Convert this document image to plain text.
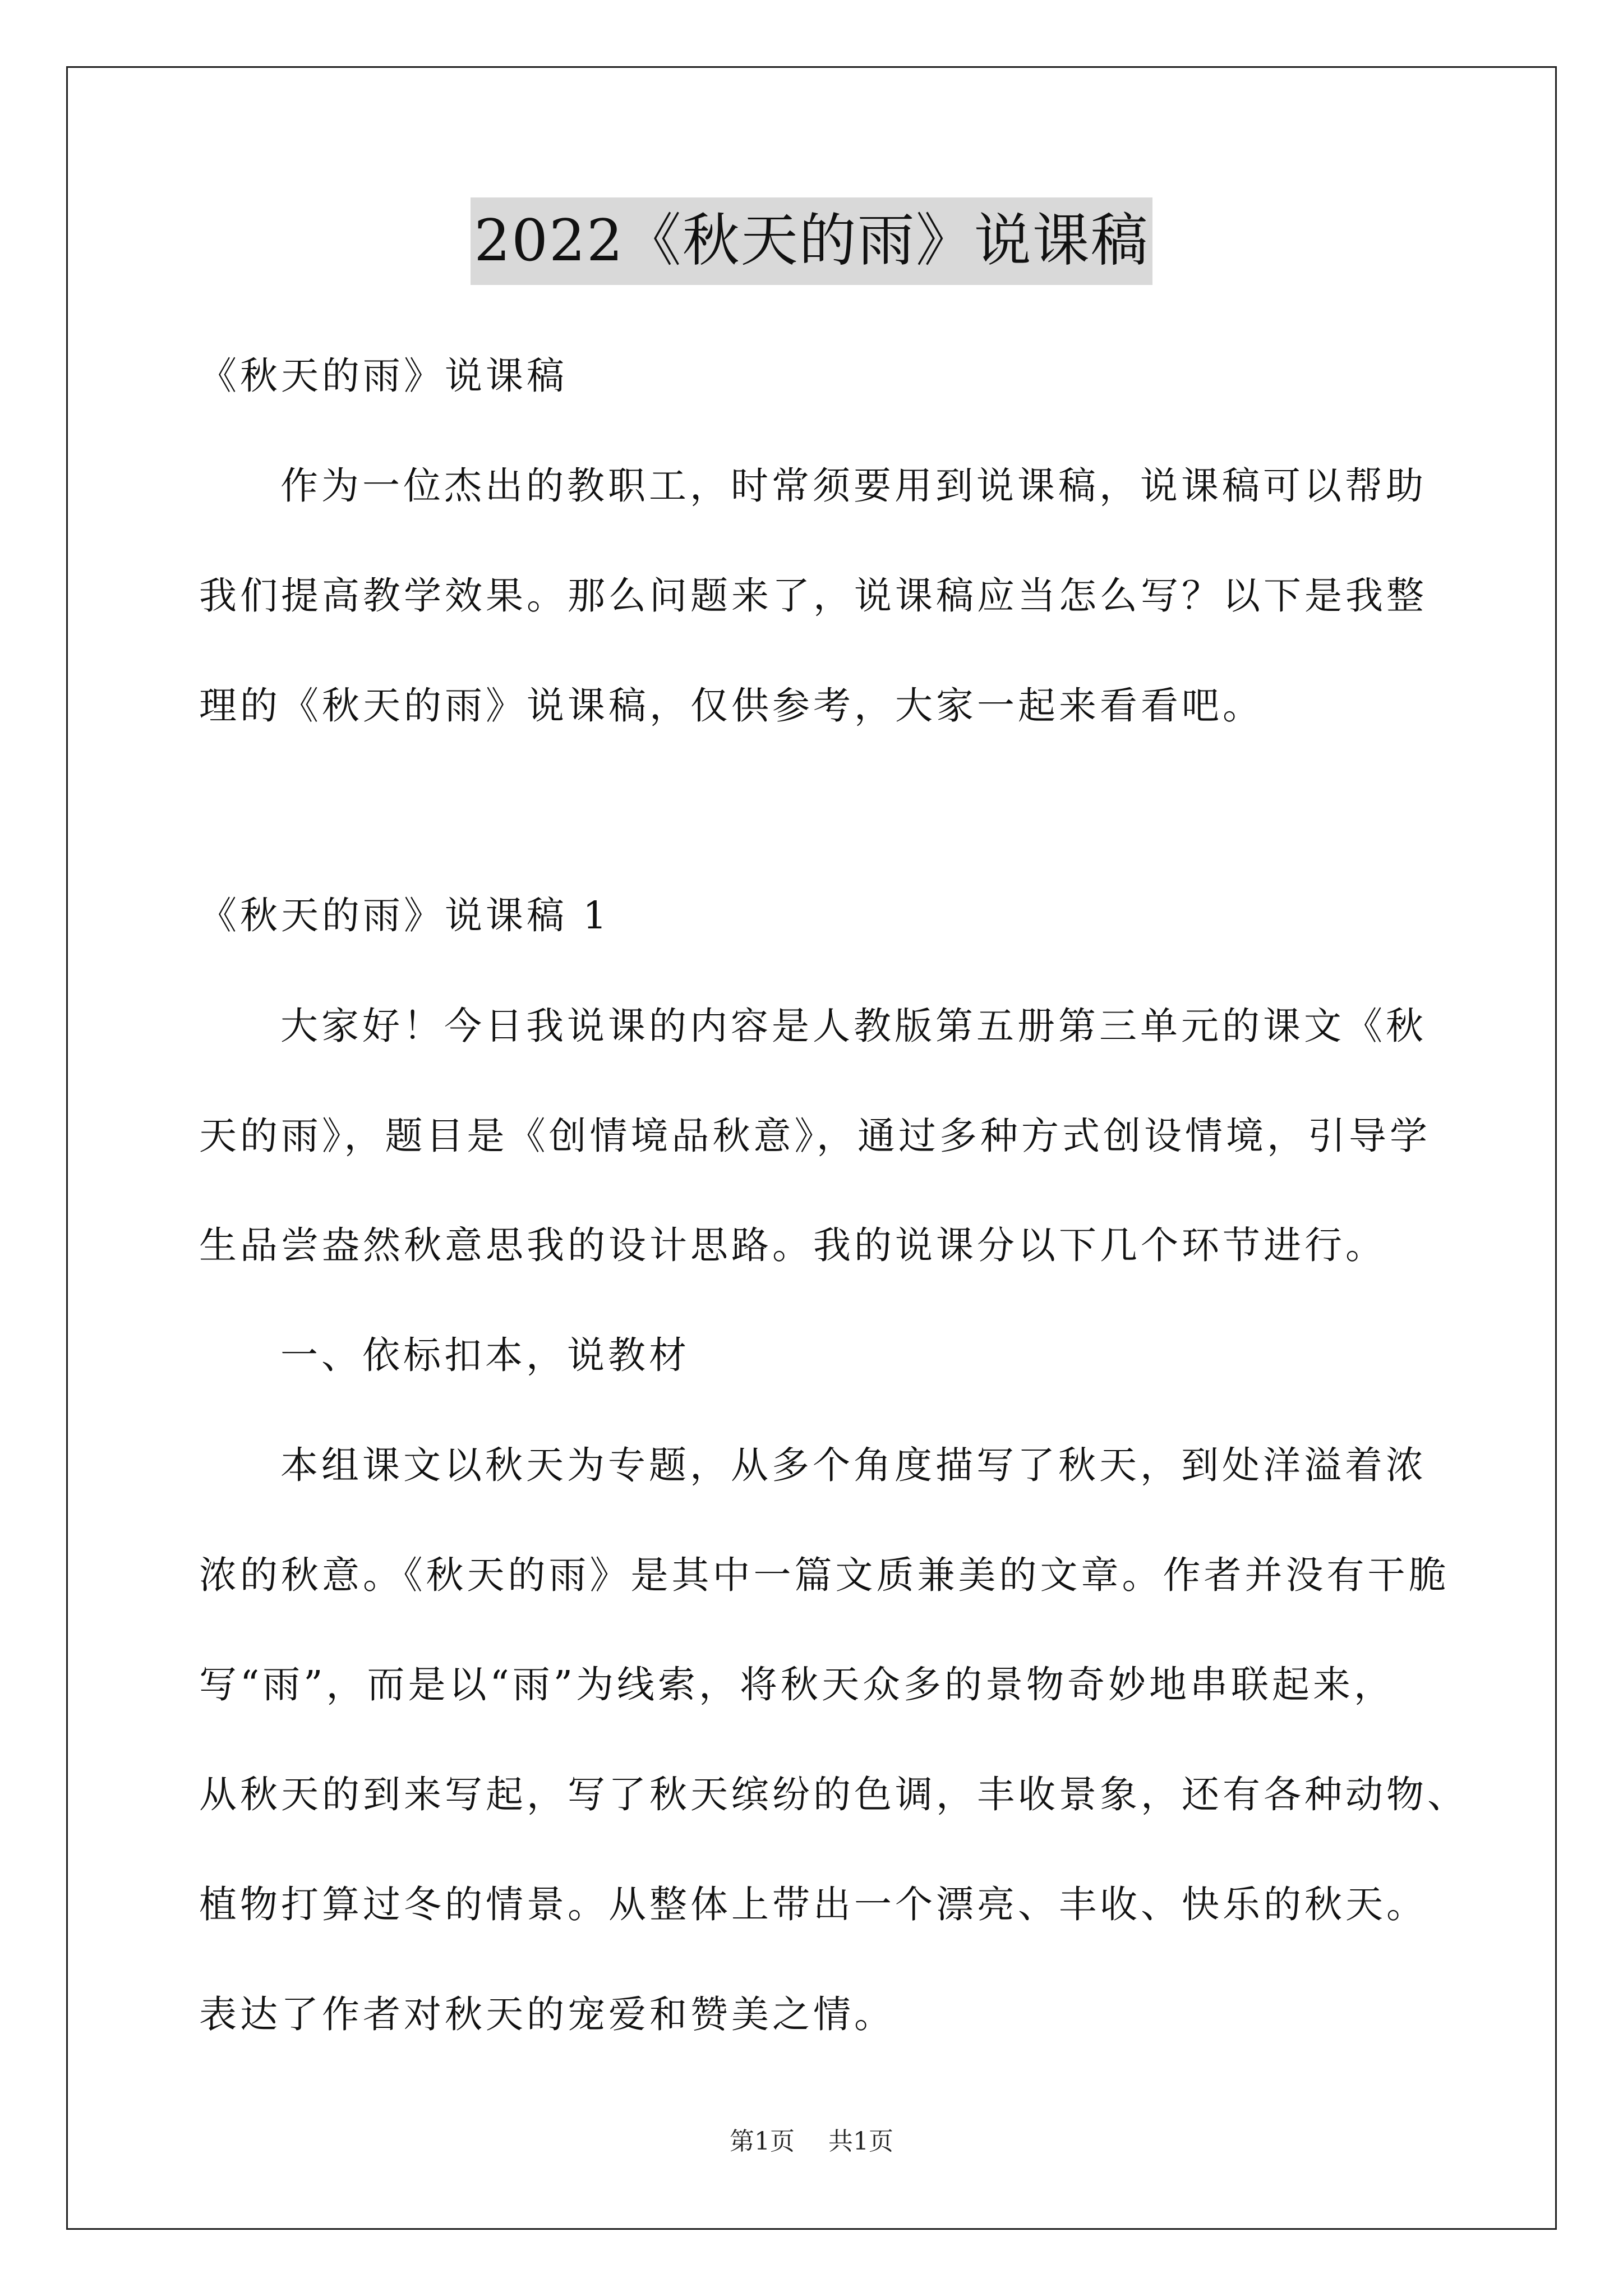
2022《秋天的雨》说课稿
《秋天的雨》说课稿
作为一位杰出的教职工，时常须要用到说课稿，说课稿可以帮助
我们提高教学效果。那么问题来了，说课稿应当怎么写？以下是我整
理的《秋天的雨》说课稿，仅供参考，大家一起来看看吧。
《秋天的雨》说课稿 1
大家好！今日我说课的内容是人教版第五册第三单元的课文《秋
天的雨》，题目是《创情境品秋意》，通过多种方式创设情境，引导学
生品尝盎然秋意思我的设计思路。我的说课分以下几个环节进行。
一、依标扣本，说教材
本组课文以秋天为专题，从多个角度描写了秋天，到处洋溢着浓
浓的秋意。《秋天的雨》是其中一篇文质兼美的文章。作者并没有干脆
写“雨”，而是以“雨”为线索，将秋天众多的景物奇妙地串联起来，
从秋天的到来写起，写了秋天缤纷的色调，丰收景象，还有各种动物、
植物打算过冬的情景。从整体上带出一个漂亮、丰收、快乐的秋天。
表达了作者对秋天的宠爱和赞美之情。
第1页 共1页
